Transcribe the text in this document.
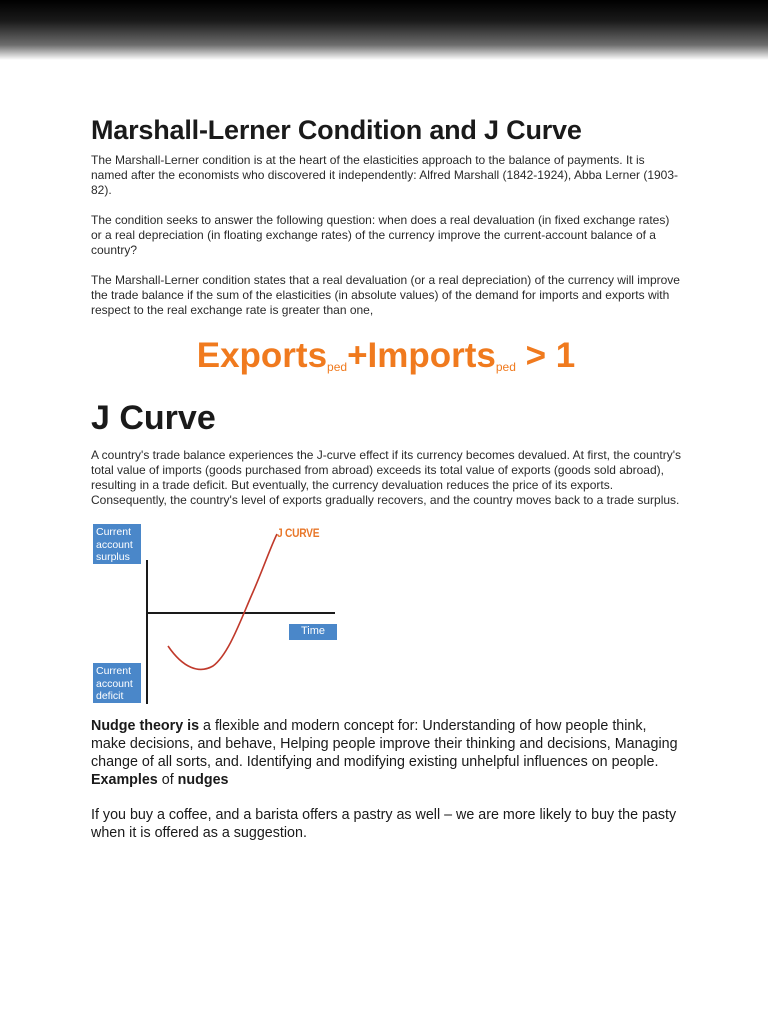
Marshall-Lerner Condition and J Curve

The Marshall-Lerner condition is at the heart of the elasticities approach to the balance of payments. It is named after the economists who discovered it independently: Alfred Marshall (1842-1924), Abba Lerner (1903-82).

The condition seeks to answer the following question: when does a real devaluation (in fixed exchange rates) or a real depreciation (in floating exchange rates) of the currency improve the current-account balance of a country?

The Marshall-Lerner condition states that a real devaluation (or a real depreciation) of the currency will improve the trade balance if the sum of the elasticities (in absolute values) of the demand for imports and exports with respect to the real exchange rate is greater than one,

Exports$_{ped}$+Imports$_{ped}$ > 1
J Curve

A country's trade balance experiences the J-curve effect if its currency becomes devalued. At first, the country's total value of imports (goods purchased from abroad) exceeds its total value of exports (goods sold abroad), resulting in a trade deficit. But eventually, the currency devaluation reduces the price of its exports. Consequently, the country's level of exports gradually recovers, and the country moves back to a trade surplus.

Current
account
surplus
Current
account
deficit
J CURVE
Time
Nudge theory is a flexible and modern concept for: Understanding of how people think, make decisions, and behave, Helping people improve their thinking and decisions, Managing change of all sorts, and. Identifying and modifying existing unhelpful influences on people.
Examples of nudges

If you buy a coffee, and a barista offers a pastry as well – we are more likely to buy the pasty when it is offered as a suggestion.
